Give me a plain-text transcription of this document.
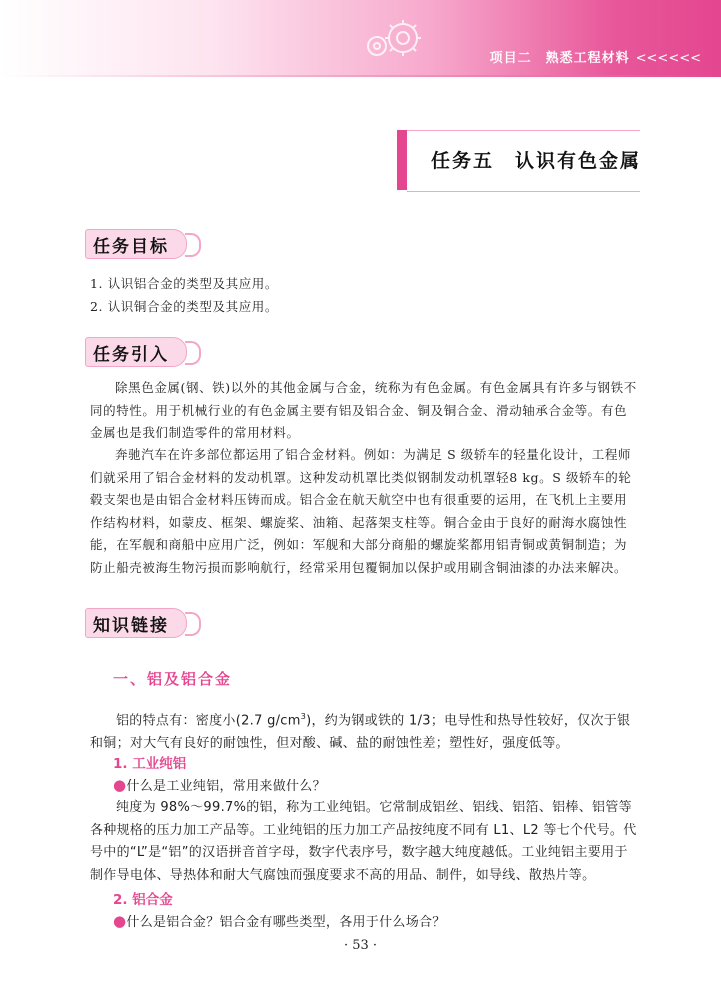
项目二　熟悉工程材料 <<<<<<
任务五　认识有色金属
任务目标
1. 认识铝合金的类型及其应用。
2. 认识铜合金的类型及其应用。
任务引入
除黑色金属(钢、铁)以外的其他金属与合金，统称为有色金属。有色金属具有许多与钢铁不同的特性。用于机械行业的有色金属主要有铝及铝合金、铜及铜合金、滑动轴承合金等。有色金属也是我们制造零件的常用材料。
奔驰汽车在许多部位都运用了铝合金材料。例如：为满足 S 级轿车的轻量化设计，工程师们就采用了铝合金材料的发动机罩。这种发动机罩比类似钢制发动机罩轻8 kg。S 级轿车的轮毂支架也是由铝合金材料压铸而成。铝合金在航天航空中也有很重要的运用，在飞机上主要用作结构材料，如蒙皮、框架、螺旋桨、油箱、起落架支柱等。铜合金由于良好的耐海水腐蚀性能，在军舰和商船中应用广泛，例如：军舰和大部分商船的螺旋桨都用铝青铜或黄铜制造；为防止船壳被海生物污损而影响航行，经常采用包覆铜加以保护或用刷含铜油漆的办法来解决。
知识链接
一、铝及铝合金
铝的特点有：密度小(2.7 $g/cm^3$)，约为钢或铁的 1/3；电导性和热导性较好，仅次于银和铜；对大气有良好的耐蚀性，但对酸、碱、盐的耐蚀性差；塑性好，强度低等。
1. 工业纯铝
●什么是工业纯铝，常用来做什么？
纯度为 98%～99.7%的铝，称为工业纯铝。它常制成铝丝、铝线、铝箔、铝棒、铝管等各种规格的压力加工产品等。工业纯铝的压力加工产品按纯度不同有 L1、L2 等七个代号。代号中的“L”是“铝”的汉语拼音首字母，数字代表序号，数字越大纯度越低。工业纯铝主要用于制作导电体、导热体和耐大气腐蚀而强度要求不高的用品、制件，如导线、散热片等。
2. 铝合金
●什么是铝合金？铝合金有哪些类型，各用于什么场合？
· 53 ·
